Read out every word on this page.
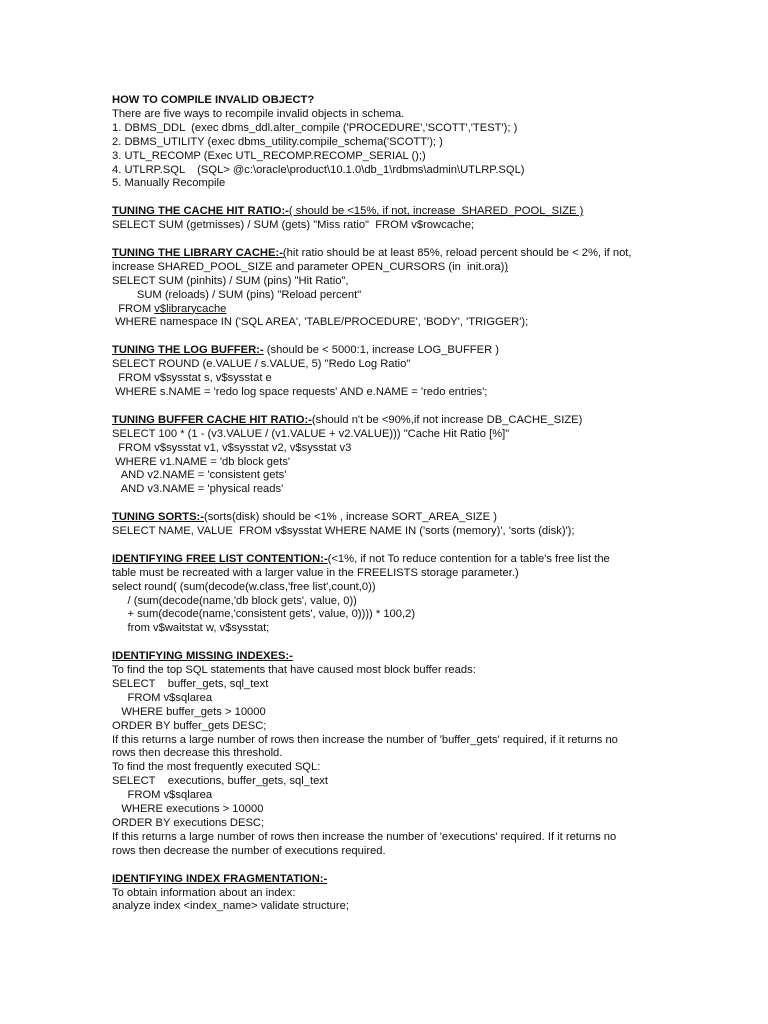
HOW TO COMPILE INVALID OBJECT?
There are five ways to recompile invalid objects in schema.
1. DBMS_DDL  (exec dbms_ddl.alter_compile ('PROCEDURE','SCOTT','TEST'); )
2. DBMS_UTILITY (exec dbms_utility.compile_schema('SCOTT'); )
3. UTL_RECOMP (Exec UTL_RECOMP.RECOMP_SERIAL ();)
4. UTLRP.SQL    (SQL> @c:\oracle\product\10.1.0\db_1\rdbms\admin\UTLRP.SQL)
5. Manually Recompile
TUNING THE CACHE HIT RATIO:-( should be <15%, if not, increase  SHARED_POOL_SIZE )
SELECT SUM (getmisses) / SUM (gets) "Miss ratio"  FROM v$rowcache;
TUNING THE LIBRARY CACHE:-(hit ratio should be at least 85%, reload percent should be < 2%, if not,
increase SHARED_POOL_SIZE and parameter OPEN_CURSORS (in  init.ora))
SELECT SUM (pinhits) / SUM (pins) "Hit Ratio",
SUM (reloads) / SUM (pins) "Reload percent"
FROM v$librarycache
WHERE namespace IN ('SQL AREA', 'TABLE/PROCEDURE', 'BODY', 'TRIGGER');
TUNING THE LOG BUFFER:- (should be < 5000:1, increase LOG_BUFFER )
SELECT ROUND (e.VALUE / s.VALUE, 5) "Redo Log Ratio"
FROM v$sysstat s, v$sysstat e
WHERE s.NAME = 'redo log space requests' AND e.NAME = 'redo entries';
TUNING BUFFER CACHE HIT RATIO:-(should n't be <90%,if not increase DB_CACHE_SIZE)
SELECT 100 * (1 - (v3.VALUE / (v1.VALUE + v2.VALUE))) "Cache Hit Ratio [%]"
FROM v$sysstat v1, v$sysstat v2, v$sysstat v3
WHERE v1.NAME = 'db block gets'
AND v2.NAME = 'consistent gets'
AND v3.NAME = 'physical reads'
TUNING SORTS:-(sorts(disk) should be <1% , increase SORT_AREA_SIZE )
SELECT NAME, VALUE  FROM v$sysstat WHERE NAME IN ('sorts (memory)', 'sorts (disk)');
IDENTIFYING FREE LIST CONTENTION:-(<1%, if not To reduce contention for a table's free list the
table must be recreated with a larger value in the FREELISTS storage parameter.)
select round( (sum(decode(w.class,'free list',count,0))
/ (sum(decode(name,'db block gets', value, 0))
+ sum(decode(name,'consistent gets', value, 0)))) * 100,2)
from v$waitstat w, v$sysstat;
IDENTIFYING MISSING INDEXES:-
To find the top SQL statements that have caused most block buffer reads:
SELECT    buffer_gets, sql_text
FROM v$sqlarea
WHERE buffer_gets > 10000
ORDER BY buffer_gets DESC;
If this returns a large number of rows then increase the number of 'buffer_gets' required, if it returns no
rows then decrease this threshold.
To find the most frequently executed SQL:
SELECT    executions, buffer_gets, sql_text
FROM v$sqlarea
WHERE executions > 10000
ORDER BY executions DESC;
If this returns a large number of rows then increase the number of 'executions' required. If it returns no
rows then decrease the number of executions required.
IDENTIFYING INDEX FRAGMENTATION:-
To obtain information about an index:
analyze index <index_name> validate structure;
